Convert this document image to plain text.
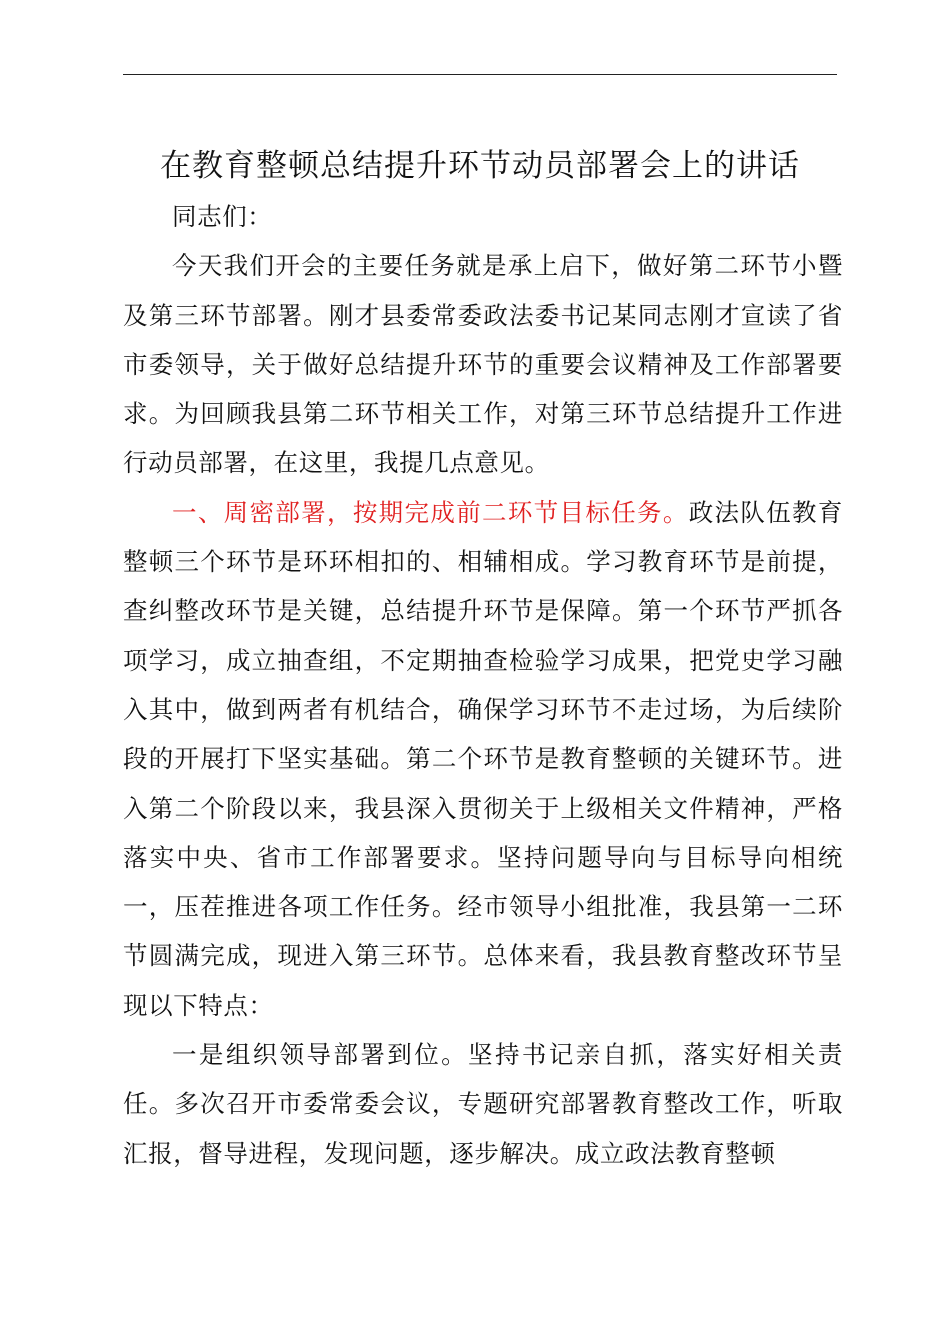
在教育整顿总结提升环节动员部署会上的讲话

同志们：

今天我们开会的主要任务就是承上启下，做好第二环节小暨及第三环节部署。刚才县委常委政法委书记某同志刚才宣读了省市委领导，关于做好总结提升环节的重要会议精神及工作部署要求。为回顾我县第二环节相关工作，对第三环节总结提升工作进行动员部署，在这里，我提几点意见。

一、周密部署，按期完成前二环节目标任务。政法队伍教育整顿三个环节是环环相扣的、相辅相成。学习教育环节是前提，查纠整改环节是关键，总结提升环节是保障。第一个环节严抓各项学习，成立抽查组，不定期抽查检验学习成果，把党史学习融入其中，做到两者有机结合，确保学习环节不走过场，为后续阶段的开展打下坚实基础。第二个环节是教育整顿的关键环节。进入第二个阶段以来，我县深入贯彻关于上级相关文件精神，严格落实中央、省市工作部署要求。坚持问题导向与目标导向相统一，压茬推进各项工作任务。经市领导小组批准，我县第一二环节圆满完成，现进入第三环节。总体来看，我县教育整改环节呈现以下特点：

一是组织领导部署到位。坚持书记亲自抓，落实好相关责任。多次召开市委常委会议，专题研究部署教育整改工作，听取汇报，督导进程，发现问题，逐步解决。成立政法教育整顿
